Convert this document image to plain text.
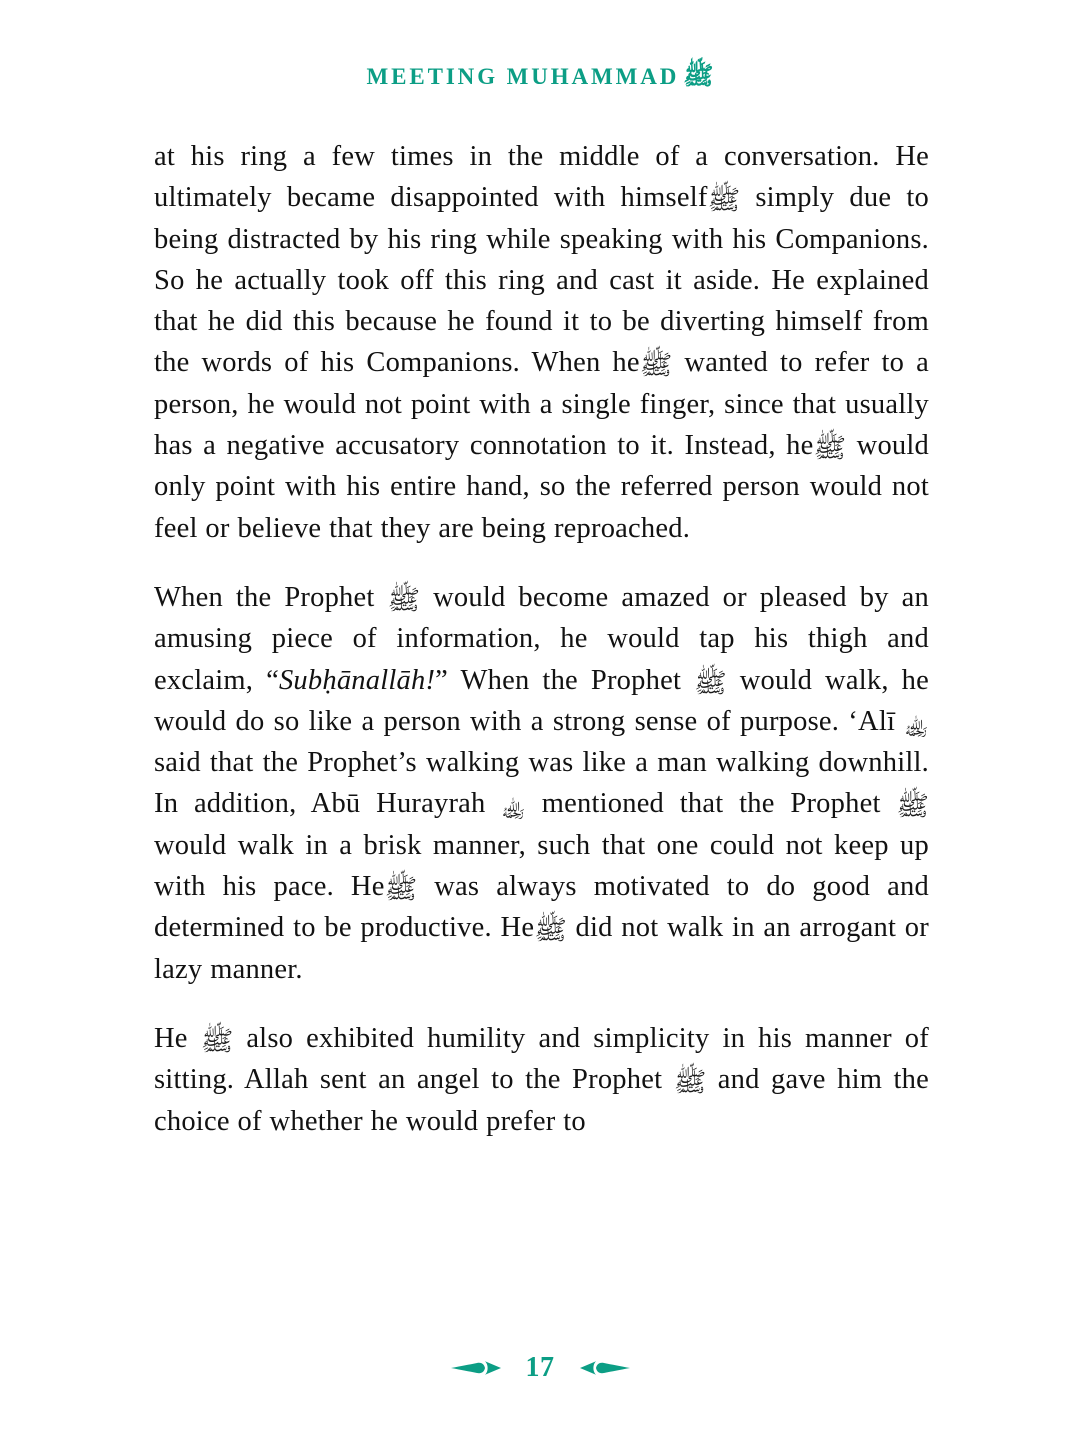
MEETING MUHAMMAD ﷺ

at his ring a few times in the middle of a conversation. He ultimately became disappointed with himselfﷺ simply due to being distracted by his ring while speaking with his Companions. So he actually took off this ring and cast it aside. He explained that he did this because he found it to be diverting himself from the words of his Companions. When heﷺ wanted to refer to a person, he would not point with a single finger, since that usually has a negative accusatory connotation to it. Instead, heﷺ would only point with his entire hand, so the referred person would not feel or believe that they are being reproached.

When the Prophet ﷺ would become amazed or pleased by an amusing piece of information, he would tap his thigh and exclaim, “Subḥānallāh!” When the Prophet ﷺ would walk, he would do so like a person with a strong sense of purpose. ʻAlī ﵀ said that the Prophet’s walking was like a man walking downhill. In addition, Abū Hurayrah ﵀ mentioned that the Prophet ﷺ would walk in a brisk manner, such that one could not keep up with his pace. Heﷺ was always motivated to do good and determined to be productive. Heﷺ did not walk in an arrogant or lazy manner.

He ﷺ also exhibited humility and simplicity in his manner of sitting. Allah sent an angel to the Prophet ﷺ and gave him the choice of whether he would prefer to

17
